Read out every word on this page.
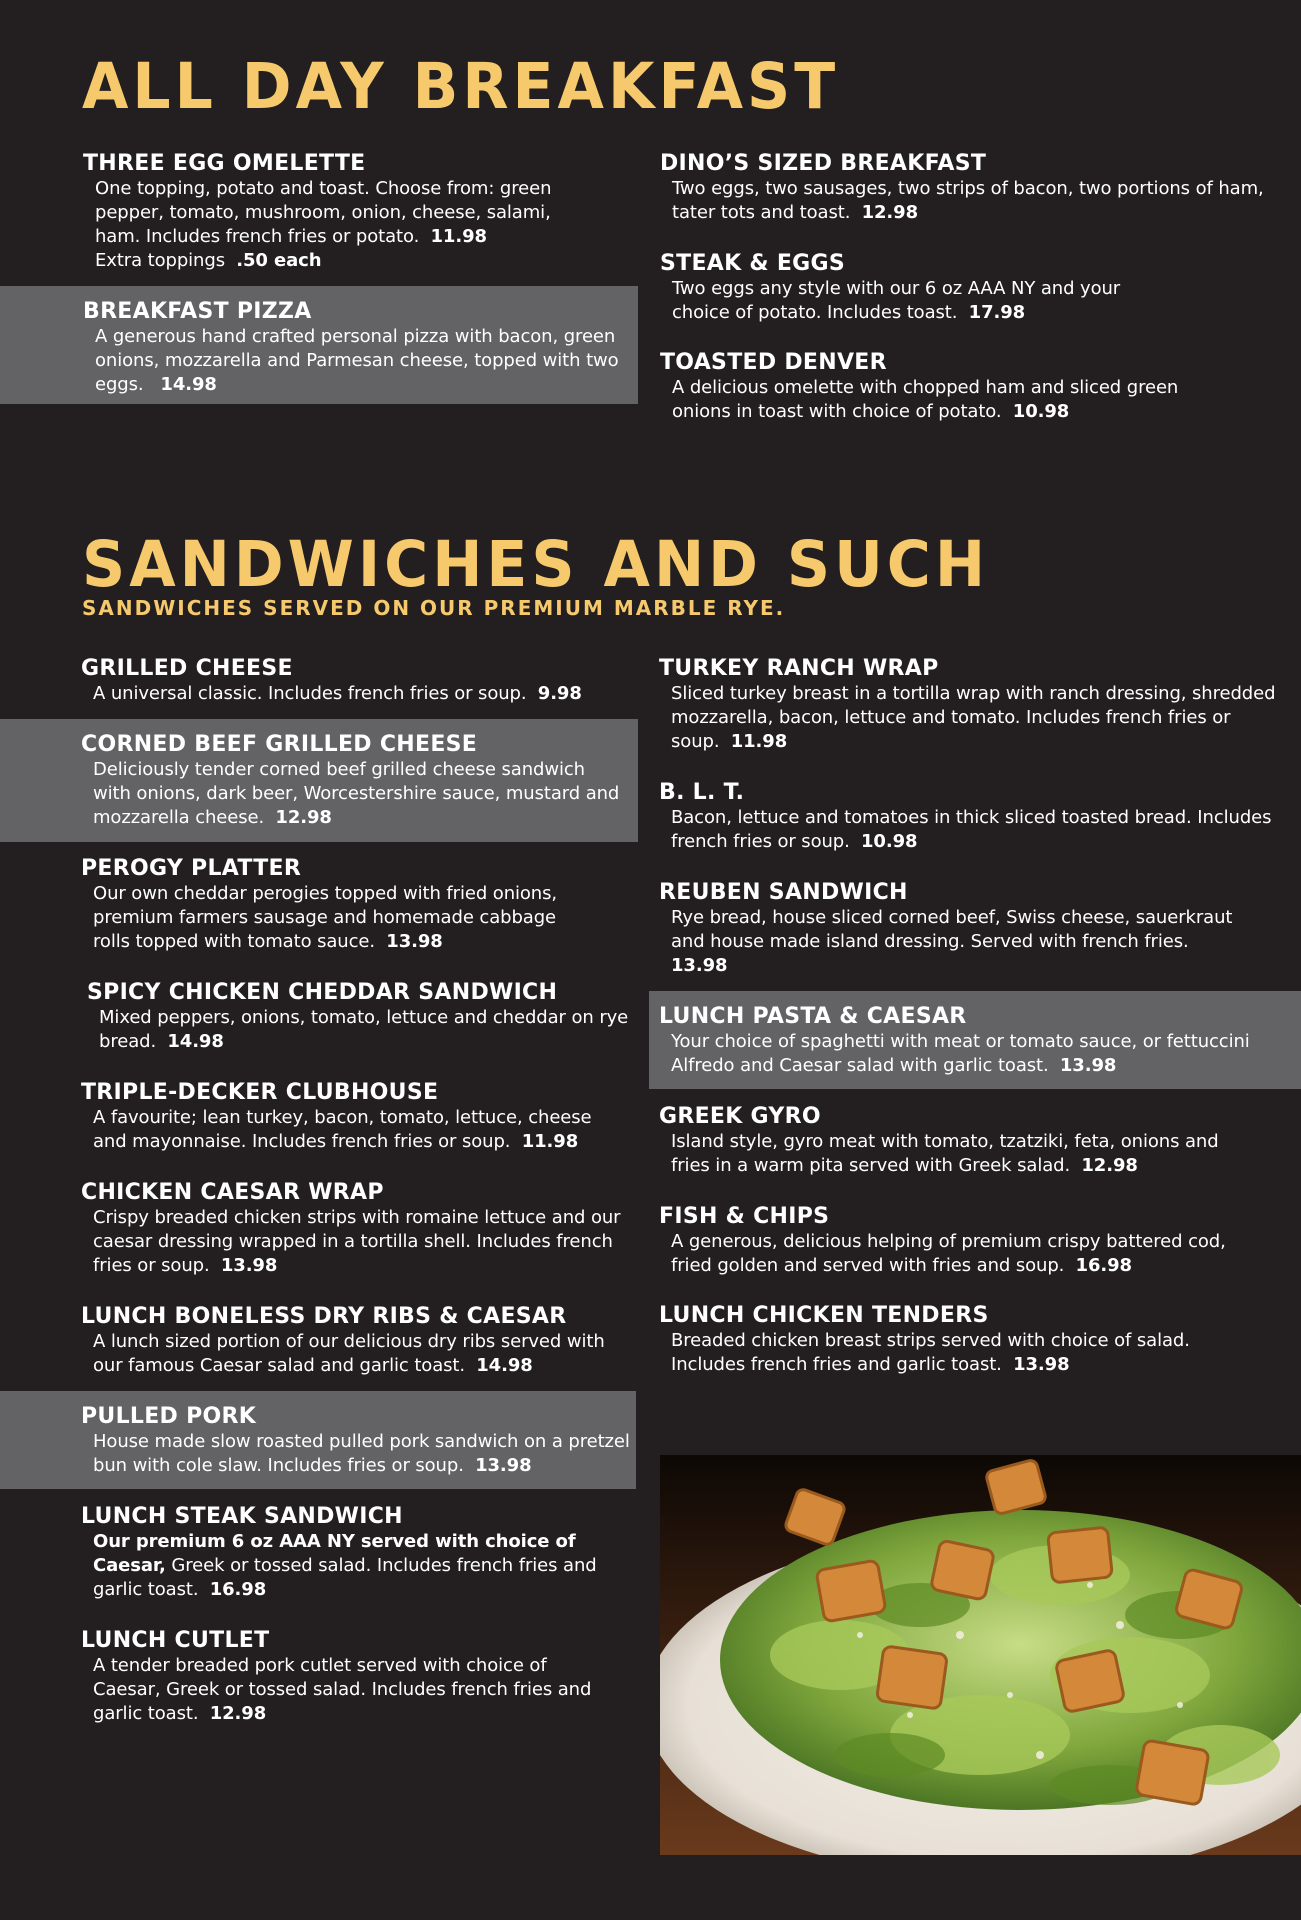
ALL DAY BREAKFAST

THREE EGG OMELETTE

One topping, potato and toast. Choose from: green pepper, tomato, mushroom, onion, cheese, salami, ham. Includes french fries or potato. 11.98
Extra toppings .50 each

BREAKFAST PIZZA

A generous hand crafted personal pizza with bacon, green onions, mozzarella and Parmesan cheese, topped with two eggs. 14.98

DINO’S SIZED BREAKFAST

Two eggs, two sausages, two strips of bacon, two portions of ham, tater tots and toast. 12.98

STEAK & EGGS

Two eggs any style with our 6 oz AAA NY and your choice of potato. Includes toast. 17.98

TOASTED DENVER

A delicious omelette with chopped ham and sliced green onions in toast with choice of potato. 10.98

SANDWICHES AND SUCH

SANDWICHES SERVED ON OUR PREMIUM MARBLE RYE.

GRILLED CHEESE

A universal classic. Includes french fries or soup. 9.98

CORNED BEEF GRILLED CHEESE

Deliciously tender corned beef grilled cheese sandwich with onions, dark beer, Worcestershire sauce, mustard and mozzarella cheese. 12.98

PEROGY PLATTER

Our own cheddar perogies topped with fried onions, premium farmers sausage and homemade cabbage rolls topped with tomato sauce. 13.98

SPICY CHICKEN CHEDDAR SANDWICH

Mixed peppers, onions, tomato, lettuce and cheddar on rye bread. 14.98

TRIPLE-DECKER CLUBHOUSE

A favourite; lean turkey, bacon, tomato, lettuce, cheese and mayonnaise. Includes french fries or soup. 11.98

CHICKEN CAESAR WRAP

Crispy breaded chicken strips with romaine lettuce and our caesar dressing wrapped in a tortilla shell. Includes french fries or soup. 13.98

LUNCH BONELESS DRY RIBS & CAESAR

A lunch sized portion of our delicious dry ribs served with our famous Caesar salad and garlic toast. 14.98

PULLED PORK

House made slow roasted pulled pork sandwich on a pretzel bun with cole slaw. Includes fries or soup. 13.98

LUNCH STEAK SANDWICH

Our premium 6 oz AAA NY served with choice of Caesar, Greek or tossed salad. Includes french fries and garlic toast. 16.98

LUNCH CUTLET

A tender breaded pork cutlet served with choice of Caesar, Greek or tossed salad. Includes french fries and garlic toast. 12.98

TURKEY RANCH WRAP

Sliced turkey breast in a tortilla wrap with ranch dressing, shredded mozzarella, bacon, lettuce and tomato. Includes french fries or soup. 11.98

B. L. T.

Bacon, lettuce and tomatoes in thick sliced toasted bread. Includes french fries or soup. 10.98

REUBEN SANDWICH

Rye bread, house sliced corned beef, Swiss cheese, sauerkraut and house made island dressing. Served with french fries.  13.98

LUNCH PASTA & CAESAR

Your choice of spaghetti with meat or tomato sauce, or fettuccini Alfredo and Caesar salad with garlic toast. 13.98

GREEK GYRO

Island style, gyro meat with tomato, tzatziki, feta, onions and fries in a warm pita served with Greek salad. 12.98

FISH & CHIPS

A generous, delicious helping of premium crispy battered cod, fried golden and served with fries and soup. 16.98

LUNCH CHICKEN TENDERS

Breaded chicken breast strips served with choice of salad. Includes french fries and garlic toast. 13.98
